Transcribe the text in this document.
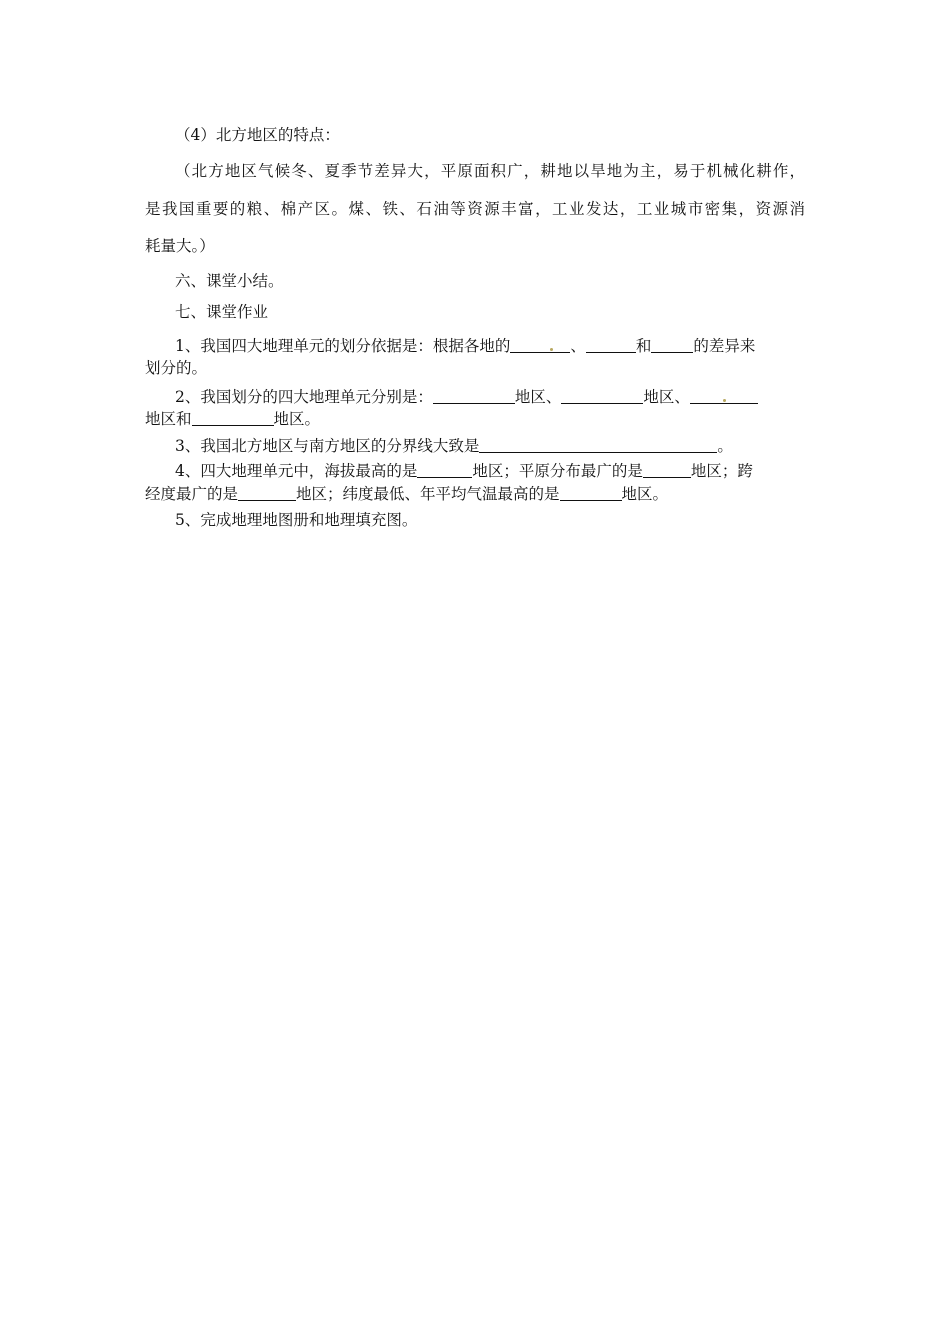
（4）北方地区的特点：
（北方地区气候冬、夏季节差异大，平原面积广，耕地以旱地为主，易于机械化耕作，
是我国重要的粮、棉产区。煤、铁、石油等资源丰富，工业发达，工业城市密集，资源消
耗量大。）
六、课堂小结。
七、课堂作业
1、我国四大地理单元的划分依据是：根据各地的	、	和	的差异来
划分的。
2、我国划分的四大地理单元分别是：	地区、	地区、
地区和	地区。
3、我国北方地区与南方地区的分界线大致是	。
4、四大地理单元中，海拔最高的是	地区；平原分布最广的是	地区；跨
经度最广的是	地区；纬度最低、年平均气温最高的是	地区。
5、完成地理地图册和地理填充图。
